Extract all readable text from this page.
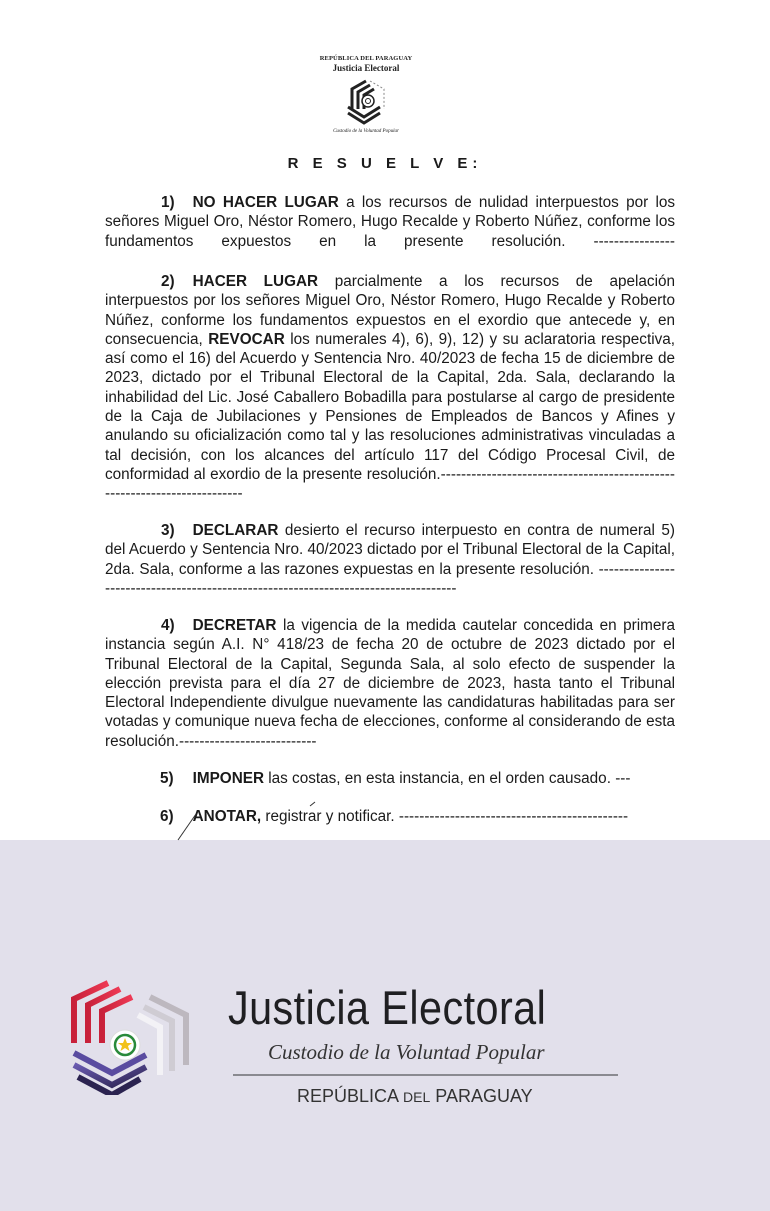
REPÚBLICA DEL PARAGUAY
Justicia Electoral
Custodio de la Voluntad Popular
R E S U E L V E:
1) NO HACER LUGAR a los recursos de nulidad interpuestos por los señores Miguel Oro, Néstor Romero, Hugo Recalde y Roberto Núñez, conforme los fundamentos expuestos en la presente resolución. ----------------
2) HACER LUGAR parcialmente a los recursos de apelación interpuestos por los señores Miguel Oro, Néstor Romero, Hugo Recalde y Roberto Núñez, conforme los fundamentos expuestos en el exordio que antecede y, en consecuencia, REVOCAR los numerales 4), 6), 9), 12) y su aclaratoria respectiva, así como el 16) del Acuerdo y Sentencia Nro. 40/2023 de fecha 15 de diciembre de 2023, dictado por el Tribunal Electoral de la Capital, 2da. Sala, declarando la inhabilidad del Lic. José Caballero Bobadilla para postularse al cargo de presidente de la Caja de Jubilaciones y Pensiones de Empleados de Bancos y Afines y anulando su oficialización como tal y las resoluciones administrativas vinculadas a tal decisión, con los alcances del artículo 117 del Código Procesal Civil, de conformidad al exordio de la presente resolución.-------------------------------------------------------------------------
3) DECLARAR desierto el recurso interpuesto en contra de numeral 5) del Acuerdo y Sentencia Nro. 40/2023 dictado por el Tribunal Electoral de la Capital, 2da. Sala, conforme a las razones expuestas en la presente resolución. ------------------------------------------------------------------------------------
4) DECRETAR la vigencia de la medida cautelar concedida en primera instancia según A.I. N° 418/23 de fecha 20 de octubre de 2023 dictado por el Tribunal Electoral de la Capital, Segunda Sala, al solo efecto de suspender la elección prevista para el día 27 de diciembre de 2023, hasta tanto el Tribunal Electoral Independiente divulgue nuevamente las candidaturas habilitadas para ser votadas y comunique nueva fecha de elecciones, conforme al considerando de esta resolución.---------------------------
5) IMPONER las costas, en esta instancia, en el orden causado. ---
6) ANOTAR, registrar y notificar. ---------------------------------------------
Justicia Electoral
Custodio de la Voluntad Popular
REPÚBLICA DEL PARAGUAY
